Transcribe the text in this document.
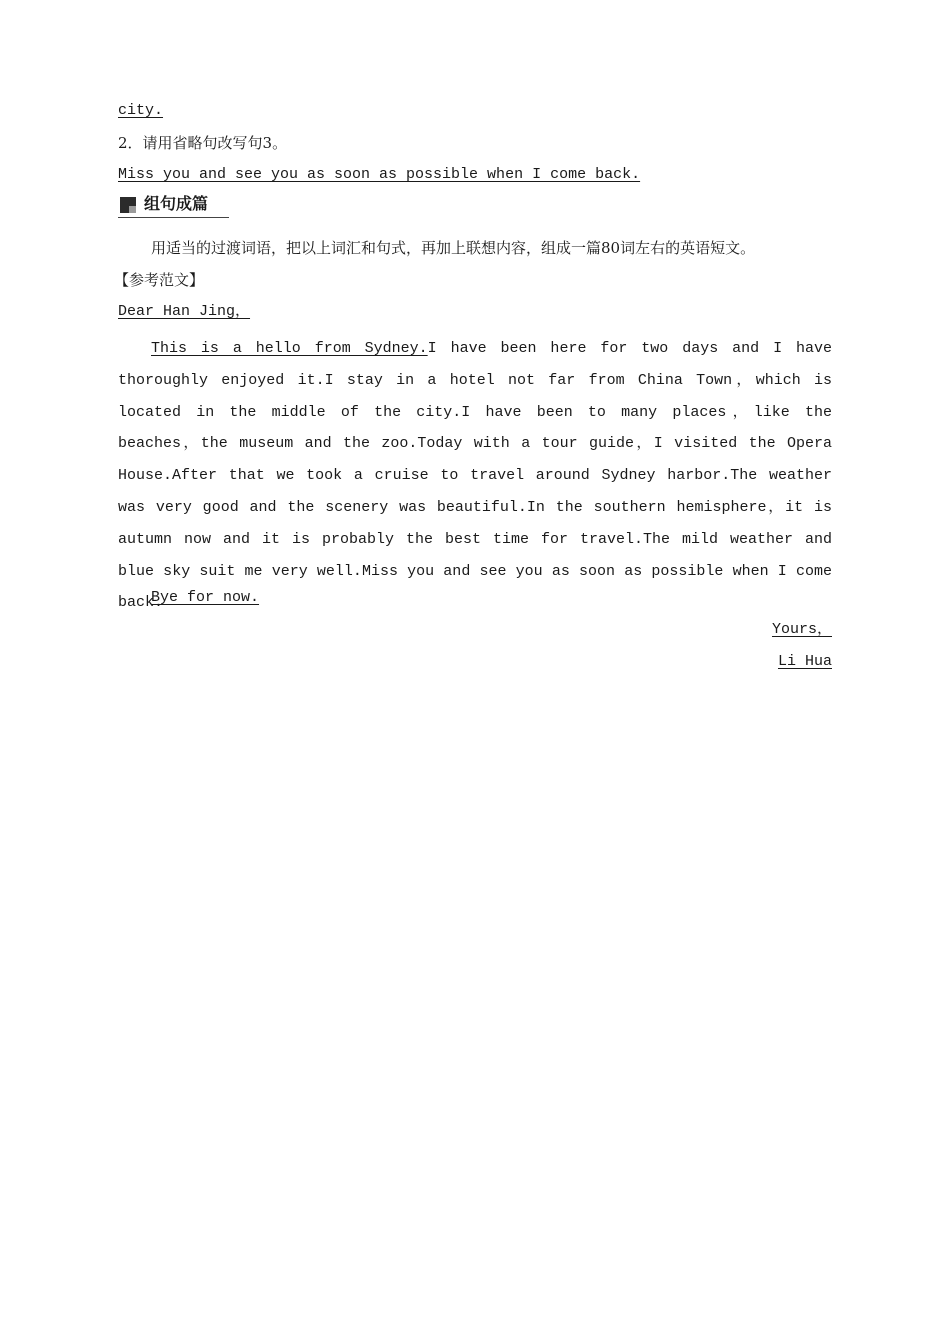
city.
2．请用省略句改写句3。
Miss you and see you as soon as possible when I come back.
组句成篇
用适当的过渡词语，把以上词汇和句式，再加上联想内容，组成一篇80词左右的英语短文。
【参考范文】
Dear Han Jing，

This is a hello from Sydney.I have been here for two days and I have thoroughly enjoyed it.I stay in a hotel not far from China Town，which is located in the middle of the city.I have been to many places，like the beaches，the museum and the zoo.Today with a tour guide，I visited the Opera House.After that we took a cruise to travel around Sydney harbor.The weather was very good and the scenery was beautiful.In the southern hemisphere，it is autumn now and it is probably the best time for travel.The mild weather and blue sky suit me very well.Miss you and see you as soon as possible when I come back.

Bye for now.
Yours，
Li Hua
